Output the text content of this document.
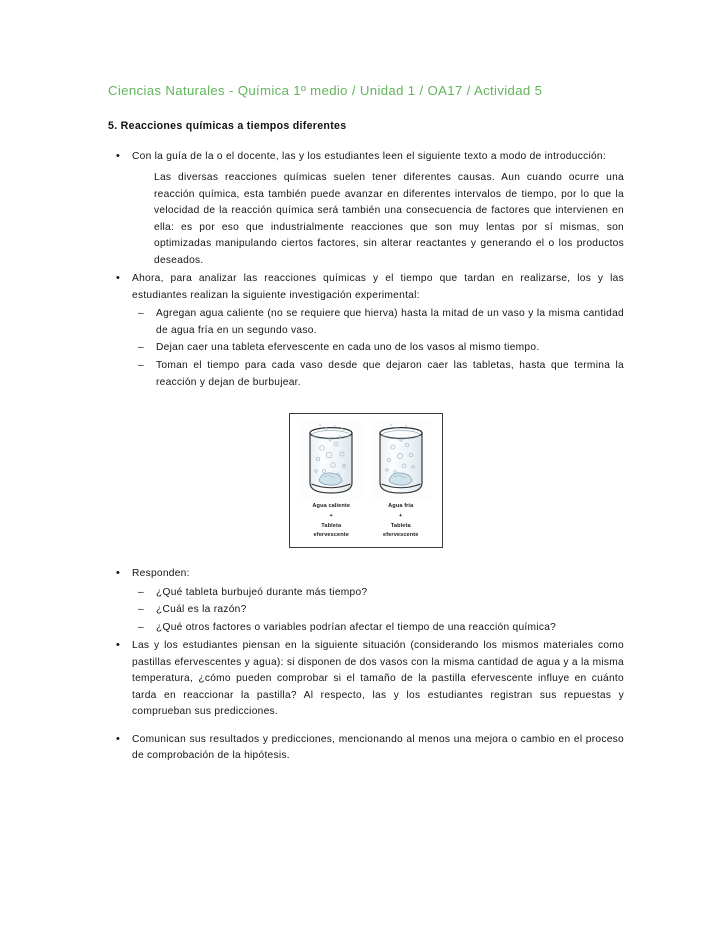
Ciencias Naturales - Química 1º medio / Unidad 1 / OA17 / Actividad 5
5. Reacciones químicas a tiempos diferentes
• Con la guía de la o el docente, las y los estudiantes leen el siguiente texto a modo de introducción:
Las diversas reacciones químicas suelen tener diferentes causas. Aun cuando ocurre una reacción química, esta también puede avanzar en diferentes intervalos de tiempo, por lo que la velocidad de la reacción química será también una consecuencia de factores que intervienen en ella: es por eso que industrialmente reacciones que son muy lentas por sí mismas, son optimizadas manipulando ciertos factores, sin alterar reactantes y generando el o los productos deseados.
• Ahora, para analizar las reacciones químicas y el tiempo que tardan en realizarse, los y las estudiantes realizan la siguiente investigación experimental:
– Agregan agua caliente (no se requiere que hierva) hasta la mitad de un vaso y la misma cantidad de agua fría en un segundo vaso.
– Dejan caer una tableta efervescente en cada uno de los vasos al mismo tiempo.
– Toman el tiempo para cada vaso desde que dejaron caer las tabletas, hasta que termina la reacción y dejan de burbujear.
Agua caliente
+
Tableta
efervescente
Agua fría
+
Tableta
efervescente
• Responden:
– ¿Qué tableta burbujeó durante más tiempo?
– ¿Cuál es la razón?
– ¿Qué otros factores o variables podrían afectar el tiempo de una reacción química?
• Las y los estudiantes piensan en la siguiente situación (considerando los mismos materiales como pastillas efervescentes y agua): si disponen de dos vasos con la misma cantidad de agua y a la misma temperatura, ¿cómo pueden comprobar si el tamaño de la pastilla efervescente influye en cuánto tarda en reaccionar la pastilla? Al respecto, las y los estudiantes registran sus repuestas y comprueban sus predicciones.
• Comunican sus resultados y predicciones, mencionando al menos una mejora o cambio en el proceso de comprobación de la hipótesis.
